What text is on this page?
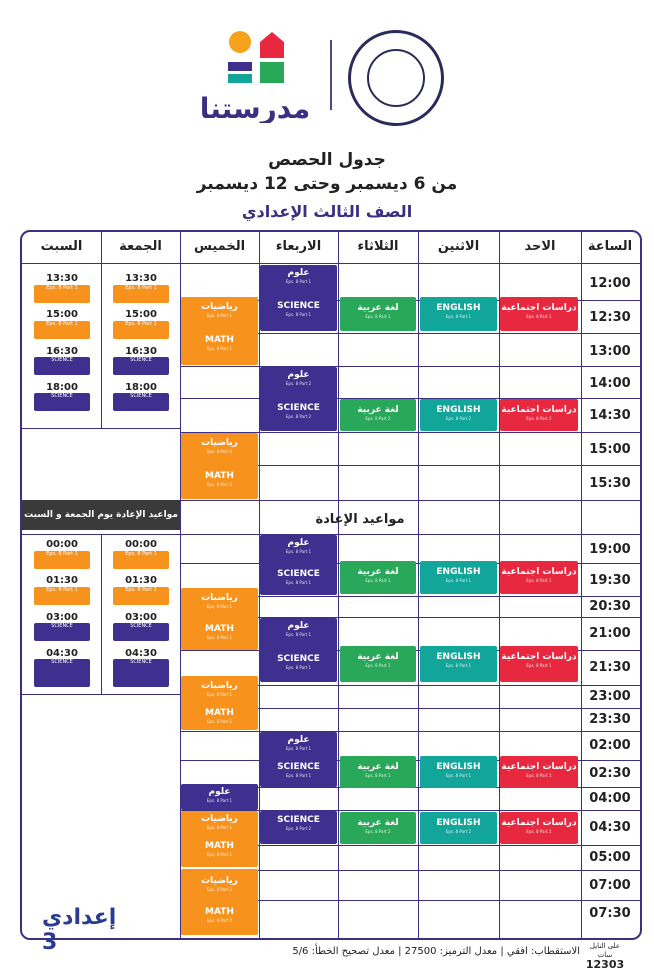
مدرستنا
جدول الحصص
من 6 ديسمبر وحتى 12 ديسمبر
الصف الثالث الإعدادي
الساعة
الاحد
الاثنين
الثلاثاء
الاربعاء
الخميس
الجمعة
السبت
12:00
12:30
13:00
14:00
14:30
15:00
15:30
مواعيد الإعادة
مواعيد الإعادة يوم الجمعة و السبت
19:00
19:30
20:30
21:00
21:30
23:00
23:30
02:00
02:30
04:00
04:30
05:00
07:00
07:30
دراسات اجتماعية
Eps. 8 Part 1
دراسات اجتماعية
Eps. 8 Part 2
دراسات اجتماعية
Eps. 8 Part 1
دراسات اجتماعية
Eps. 8 Part 1
دراسات اجتماعية
Eps. 8 Part 1
دراسات اجتماعية
Eps. 8 Part 2
ENGLISH
Eps. 8 Part 1
ENGLISH
Eps. 8 Part 2
ENGLISH
Eps. 8 Part 1
ENGLISH
Eps. 8 Part 1
ENGLISH
Eps. 8 Part 1
ENGLISH
Eps. 8 Part 2
لغة عربية
Eps. 8 Part 1
لغة عربية
Eps. 8 Part 2
لغة عربية
Eps. 8 Part 1
لغة عربية
Eps. 8 Part 1
لغة عربية
Eps. 8 Part 1
لغة عربية
Eps. 8 Part 2
علوم
Eps. 8 Part 1
SCIENCE
Eps. 8 Part 1
علوم
Eps. 8 Part 2
SCIENCE
Eps. 8 Part 2
علوم
Eps. 8 Part 1
SCIENCE
Eps. 8 Part 1
علوم
Eps. 8 Part 1
SCIENCE
Eps. 8 Part 1
علوم
Eps. 8 Part 1
SCIENCE
Eps. 8 Part 1
SCIENCE
Eps. 8 Part 2
رياضيات
Eps. 8 Part 1
MATH
Eps. 8 Part 1
رياضيات
Eps. 8 Part 2
MATH
Eps. 8 Part 2
رياضيات
Eps. 8 Part 1
MATH
Eps. 8 Part 1
رياضيات
Eps. 8 Part 1
MATH
Eps. 8 Part 1
علوم
Eps. 8 Part 1
رياضيات
Eps. 8 Part 1
MATH
Eps. 8 Part 1
رياضيات
Eps. 8 Part 2
MATH
Eps. 8 Part 2
13:30
Eps. 8 Part 1
15:00
Eps. 8 Part 1
16:30
SCIENCE
18:00
SCIENCE
13:30
Eps. 8 Part 1
15:00
Eps. 8 Part 1
16:30
SCIENCE
18:00
SCIENCE
00:00
Eps. 8 Part 1
01:30
Eps. 8 Part 1
03:00
SCIENCE
04:30
SCIENCE
00:00
Eps. 8 Part 1
01:30
Eps. 8 Part 1
03:00
SCIENCE
04:30
SCIENCE
إعدادي 3	الاستقطاب: افقي | معدل الترميز: 27500 | معدل تصحيح الخطأ: 5/6	على النايل سات
12303
